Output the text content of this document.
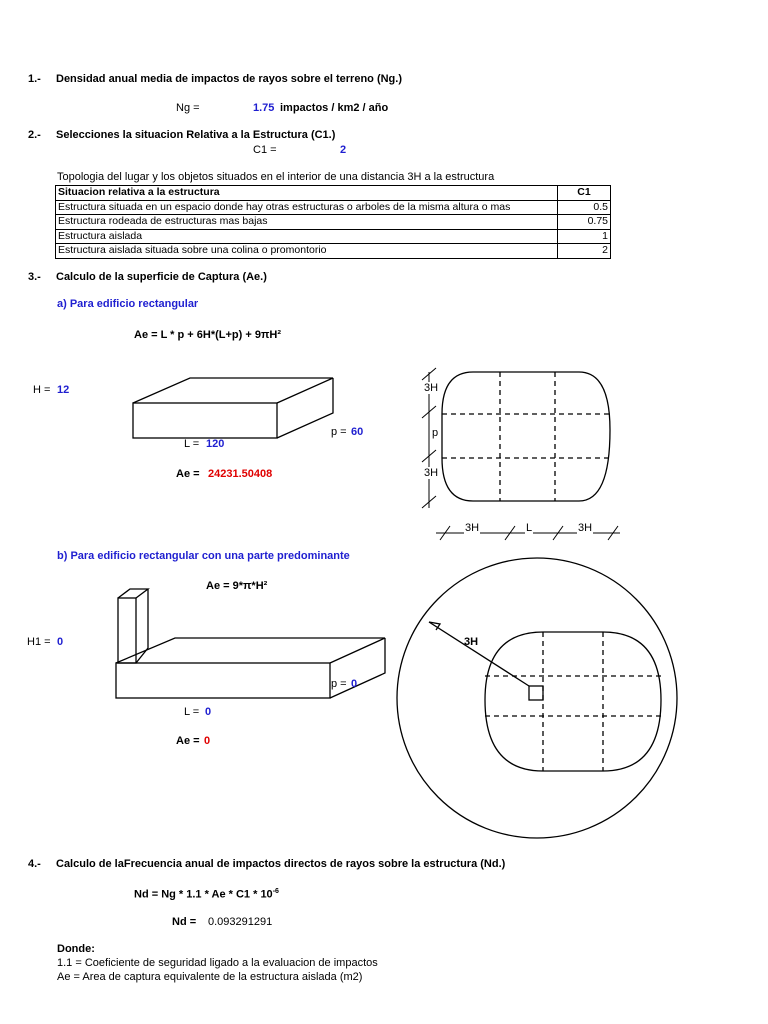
1.- Densidad anual media de impactos de rayos sobre el terreno (Ng.)
Ng =	1.75 impactos / km2 / año
2.- Selecciones la situacion Relativa a la Estructura (C1.)
C1 =	2
Topologia del lugar y los objetos situados en el interior de una distancia 3H a la estructura
Situacion relativa a la estructura	C1
Estructura situada en un espacio donde hay otras estructuras o arboles de la misma altura o mas	0.5
Estructura rodeada de estructuras mas bajas	0.75
Estructura aislada	1
Estructura aislada situada sobre una colina o promontorio	2
3.- Calculo de la superficie de Captura (Ae.)
a) Para edificio rectangular
Ae = L * p + 6H*(L+p) + 9πH²
H = 12
L = 120
p = 60
Ae = 24231.50408
3H
p
3H
3H	L	3H
b) Para edificio rectangular con una parte predominante
Ae = 9*π*H²
H1 = 0
p = 0
L = 0
Ae = 0
3H
4.- Calculo de laFrecuencia anual de impactos directos de rayos sobre la estructura (Nd.)
$Nd = Ng * 1.1 * Ae * C1 * 10^{-6}$
Nd = 0.093291291
Donde:
1.1 = Coeficiente de seguridad ligado a la evaluacion de impactos
Ae = Area de captura equivalente de la estructura aislada (m2)
